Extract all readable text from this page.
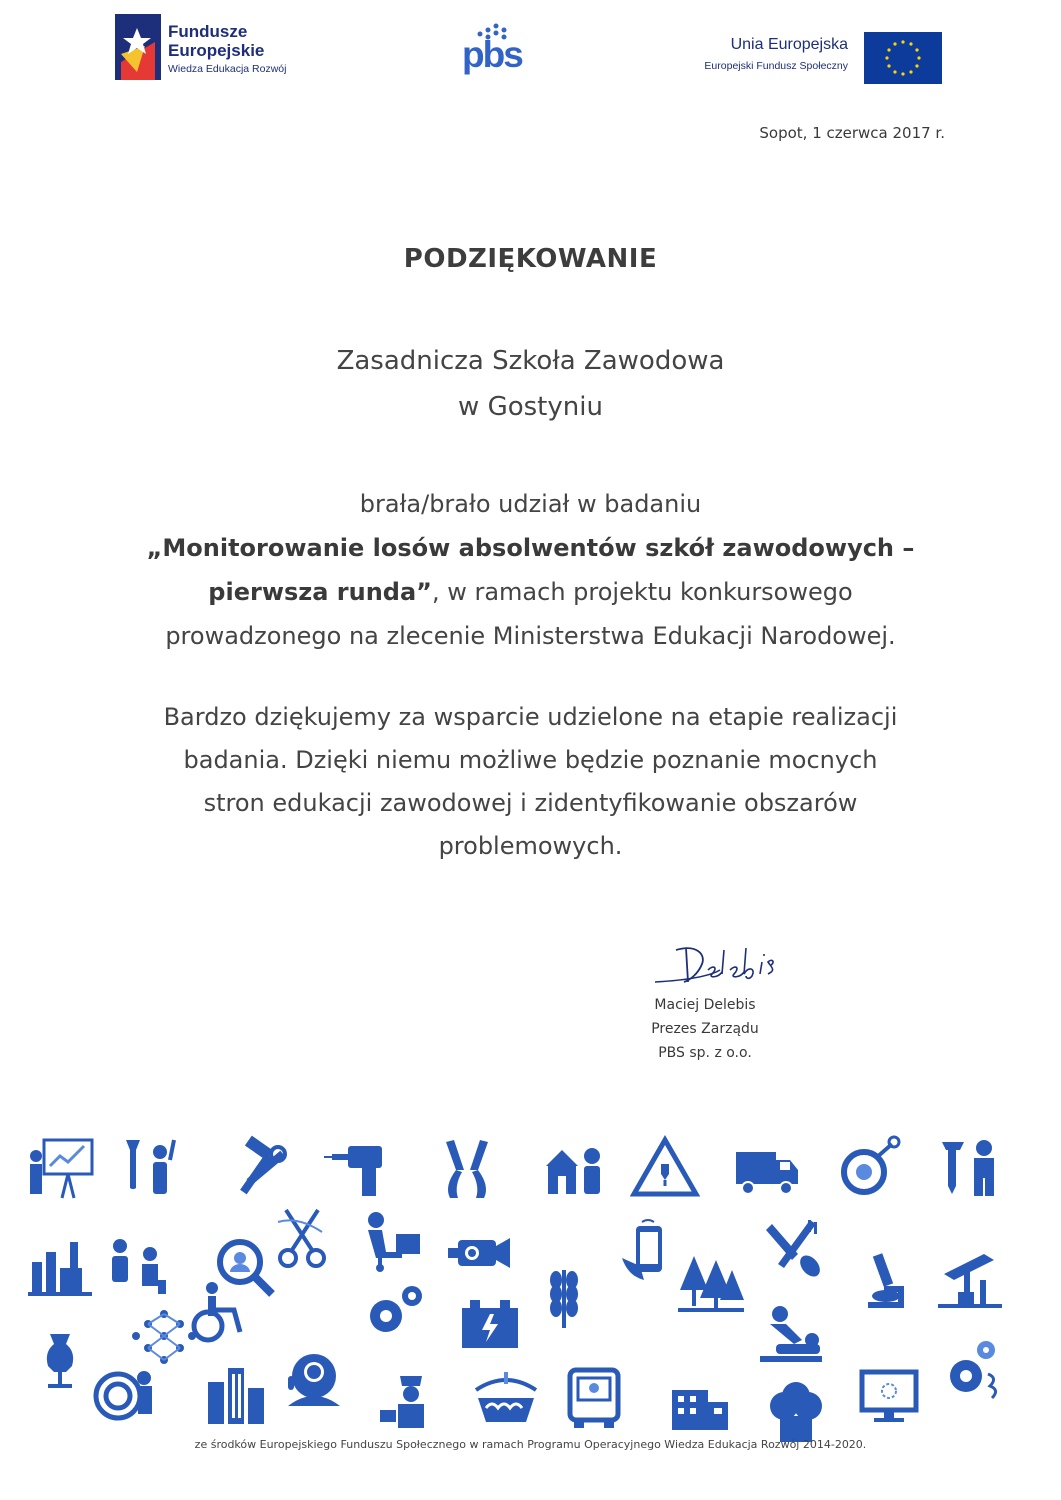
Fundusze
Europejskie
Wiedza Edukacja Rozwój	pbs	Unia Europejska
Europejski Fundusz Społeczny
Sopot, 1 czerwca 2017 r.
PODZIĘKOWANIE
Zasadnicza Szkoła Zawodowa
w Gostyniu
brała/brało udział w badaniu
„Monitorowanie losów absolwentów szkół zawodowych –
pierwsza runda”, w ramach projektu konkursowego
prowadzonego na zlecenie Ministerstwa Edukacji Narodowej.
Bardzo dziękujemy za wsparcie udzielone na etapie realizacji
badania. Dzięki niemu możliwe będzie poznanie mocnych
stron edukacji zawodowej i zidentyfikowanie obszarów
problemowych.
Maciej Delebis
Prezes Zarządu
PBS sp. z o.o.
ze środków Europejskiego Funduszu Społecznego w ramach Programu Operacyjnego Wiedza Edukacja Rozwój 2014-2020.
